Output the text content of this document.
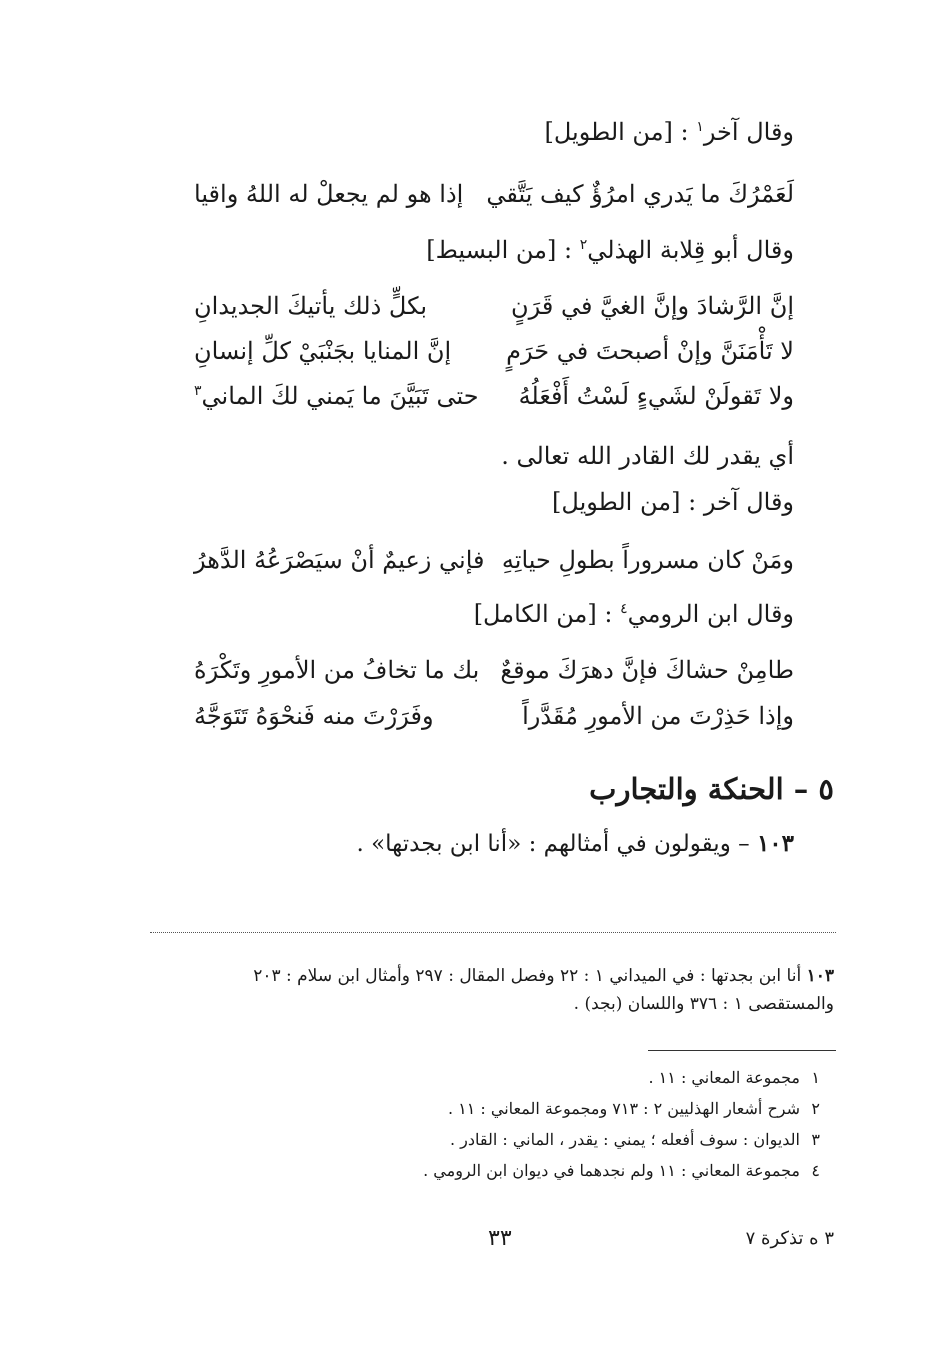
وقال آخر$^١$ : [من الطويل]
لَعَمْرُكَ ما يَدري امرُؤٌ كيف يَتَّقي
إذا هو لم يجعلْ له اللهُ واقيا
وقال أبو قِلابة الهذلي$^٢$ : [من البسيط]
إنَّ الرَّشادَ وإنَّ الغيَّ في قَرَنٍ
بكلٍّ ذلك يأتيكَ الجديدانِ
لا تَأْمَنَنَّ وإنْ أصبحتَ في حَرَمٍ
إنَّ المنايا بجَنْبَيْ كلِّ إنسانِ
ولا تَقولَنْ لشَيءٍ لَسْتُ أَفْعَلُهُ
حتى تَبَيَّنَ ما يَمني لكَ الماني$^٣$
أي يقدر لك القادر الله تعالى .
وقال آخر : [من الطويل]
ومَنْ كان مسروراً بطولِ حياتِهِ
فإني زعيمٌ أنْ سيَصْرَعُهُ الدَّهرُ
وقال ابن الرومي$^٤$ : [من الكامل]
طامِنْ حشاكَ فإنَّ دهرَكَ موقعٌ
بك ما تخافُ من الأمورِ وتَكْرَهُ
وإذا حَذِرْتَ من الأمورِ مُقَدَّراً
وفَرَرْتَ منه فَنحْوَهُ تَتَوَجَّهُ
٥ – الحنكة والتجارب
١٠٣ – ويقولون في أمثالهم : «أنا ابن بجدتها» .
١٠٣ أنا ابن بجدتها : في الميداني ١ : ٢٢ وفصل المقال : ٢٩٧ وأمثال ابن سلام : ٢٠٣ والمستقصى ١ : ٣٧٦ واللسان (بجد) .
١مجموعة المعاني : ١١ .
٢شرح أشعار الهذليين ٢ : ٧١٣ ومجموعة المعاني : ١١ .
٣الديوان : سوف أفعله ؛ يمني : يقدر ، الماني : القادر .
٤مجموعة المعاني : ١١ ولم نجدهما في ديوان ابن الرومي .
٣ ه تذكرة ٧
٣٣
